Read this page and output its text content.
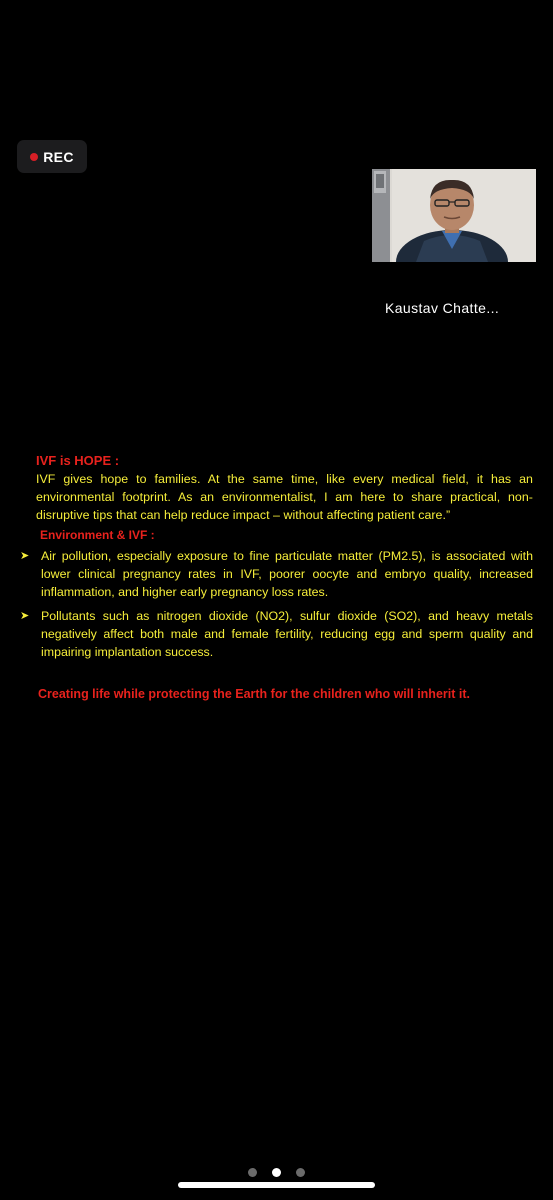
REC
Kaustav Chatte...

IVF is HOPE :

IVF gives hope to families. At the same time, like every medical field, it has an environmental footprint. As an environmentalist, I am here to share practical, non-disruptive tips that can help reduce impact – without affecting patient care.”

Environment & IVF :

➤ Air pollution, especially exposure to fine particulate matter (PM2.5), is associated with lower clinical pregnancy rates in IVF, poorer oocyte and embryo quality, increased inflammation, and higher early pregnancy loss rates.
➤ Pollutants such as nitrogen dioxide (NO2), sulfur dioxide (SO2), and heavy metals negatively affect both male and female fertility, reducing egg and sperm quality and impairing implantation success.

Creating life while protecting the Earth for the children who will inherit it.
